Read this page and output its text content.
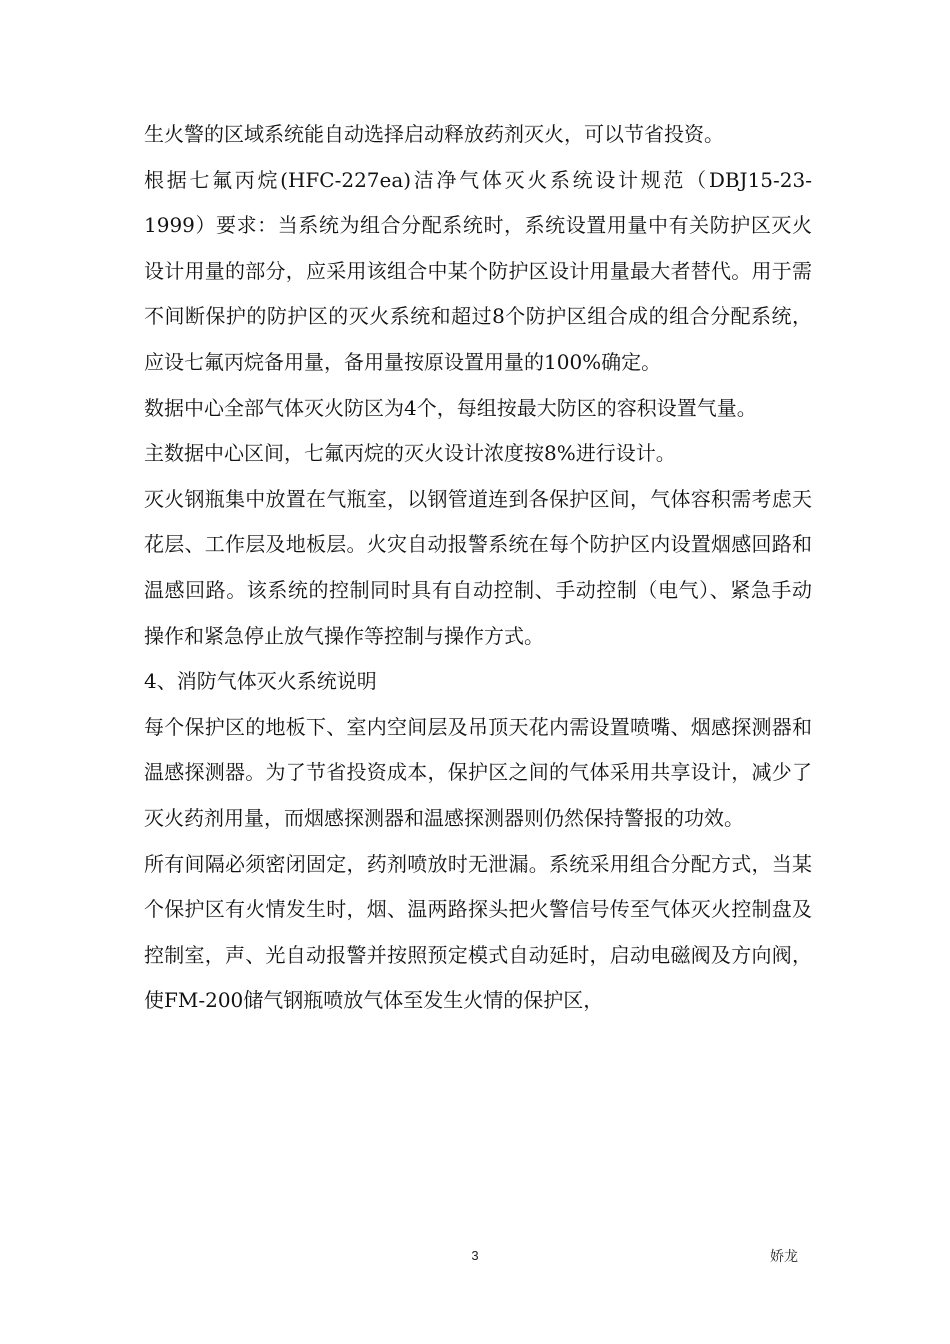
生火警的区域系统能自动选择启动释放药剂灭火，可以节省投资。

根据七氟丙烷(HFC-227ea)洁净气体灭火系统设计规范（DBJ15-23-1999）要求：当系统为组合分配系统时，系统设置用量中有关防护区灭火设计用量的部分，应采用该组合中某个防护区设计用量最大者替代。用于需不间断保护的防护区的灭火系统和超过8个防护区组合成的组合分配系统，应设七氟丙烷备用量，备用量按原设置用量的100%确定。

数据中心全部气体灭火防区为4个，每组按最大防区的容积设置气量。

主数据中心区间，七氟丙烷的灭火设计浓度按8%进行设计。

灭火钢瓶集中放置在气瓶室，以钢管道连到各保护区间，气体容积需考虑天花层、工作层及地板层。火灾自动报警系统在每个防护区内设置烟感回路和温感回路。该系统的控制同时具有自动控制、手动控制（电气）、紧急手动操作和紧急停止放气操作等控制与操作方式。

4、消防气体灭火系统说明

每个保护区的地板下、室内空间层及吊顶天花内需设置喷嘴、烟感探测器和温感探测器。为了节省投资成本，保护区之间的气体采用共享设计，减少了灭火药剂用量，而烟感探测器和温感探测器则仍然保持警报的功效。

所有间隔必须密闭固定，药剂喷放时无泄漏。系统采用组合分配方式，当某个保护区有火情发生时，烟、温两路探头把火警信号传至气体灭火控制盘及控制室，声、光自动报警并按照预定模式自动延时，启动电磁阀及方向阀，使FM-200储气钢瓶喷放气体至发生火情的保护区，

3	娇龙
